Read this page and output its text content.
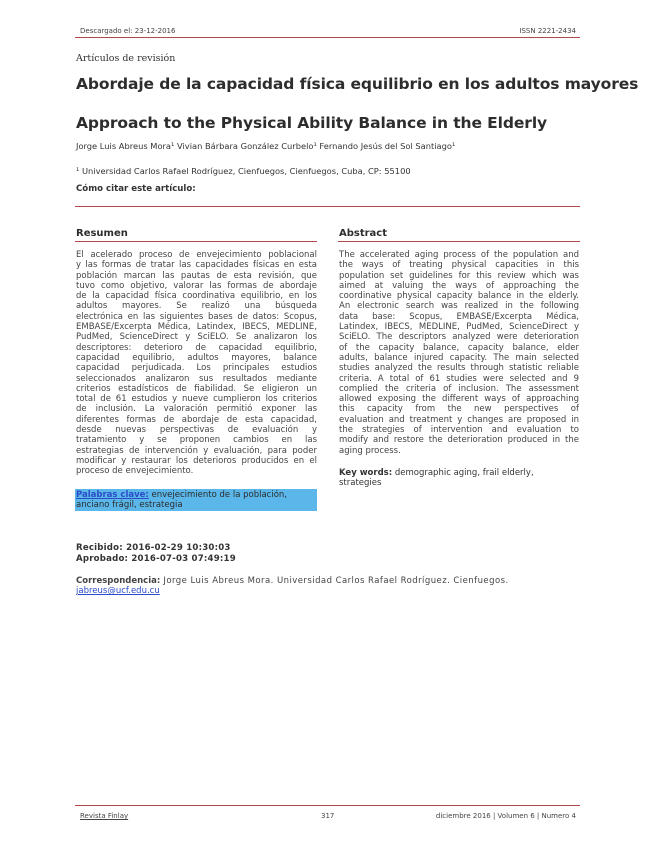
Descargado el: 23-12-2016	ISSN 2221-2434
Artículos de revisión
Abordaje de la capacidad física equilibrio en los adultos mayores
Approach to the Physical Ability Balance in the Elderly
Jorge Luis Abreus Mora¹ Vivian Bárbara González Curbelo¹ Fernando Jesús del Sol Santiago¹
¹ Universidad Carlos Rafael Rodríguez, Cienfuegos, Cienfuegos, Cuba, CP: 55100
Cómo citar este artículo:
Resumen
El acelerado proceso de envejecimiento poblacional
y las formas de tratar las capacidades físicas en esta
población marcan las pautas de esta revisión, que
tuvo como objetivo, valorar las formas de abordaje
de la capacidad física coordinativa equilibrio, en los
adultos mayores. Se realizó una búsqueda
electrónica en las siguientes bases de datos: Scopus,
EMBASE/Excerpta Médica, Latindex, IBECS, MEDLINE,
PudMed, ScienceDirect y SciELO. Se analizaron los
descriptores: deterioro de capacidad equilibrio,
capacidad equilibrio, adultos mayores, balance
capacidad perjudicada. Los principales estudios
seleccionados analizaron sus resultados mediante
criterios estadísticos de fiabilidad. Se eligieron un
total de 61 estudios y nueve cumplieron los criterios
de inclusión. La valoración permitió exponer las
diferentes formas de abordaje de esta capacidad,
desde nuevas perspectivas de evaluación y
tratamiento y se proponen cambios en las
estrategias de intervención y evaluación, para poder
modificar y restaurar los deterioros producidos en el
proceso de envejecimiento.
Palabras clave: envejecimiento de la población,
anciano frágil, estrategia
Abstract
The accelerated aging process of the population and
the ways of treating physical capacities in this
population set guidelines for this review which was
aimed at valuing the ways of approaching the
coordinative physical capacity balance in the elderly.
An electronic search was realized in the following
data base: Scopus, EMBASE/Excerpta Médica,
Latindex, IBECS, MEDLINE, PudMed, ScienceDirect y
SciELO. The descriptors analyzed were deterioration
of the capacity balance, capacity balance, elder
adults, balance injured capacity. The main selected
studies analyzed the results through statistic reliable
criteria. A total of 61 studies were selected and 9
complied the criteria of inclusion. The assessment
allowed exposing the different ways of approaching
this capacity from the new perspectives of
evaluation and treatment y changes are proposed in
the strategies of intervention and evaluation to
modify and restore the deterioration produced in the
aging process.
Key words: demographic aging, frail elderly,
strategies
Recibido: 2016-02-29 10:30:03
Aprobado: 2016-07-03 07:49:19
Correspondencia: Jorge Luis Abreus Mora. Universidad Carlos Rafael Rodríguez. Cienfuegos.
jabreus@ucf.edu.cu
Revista Finlay	317	diciembre 2016 | Volumen 6 | Numero 4
